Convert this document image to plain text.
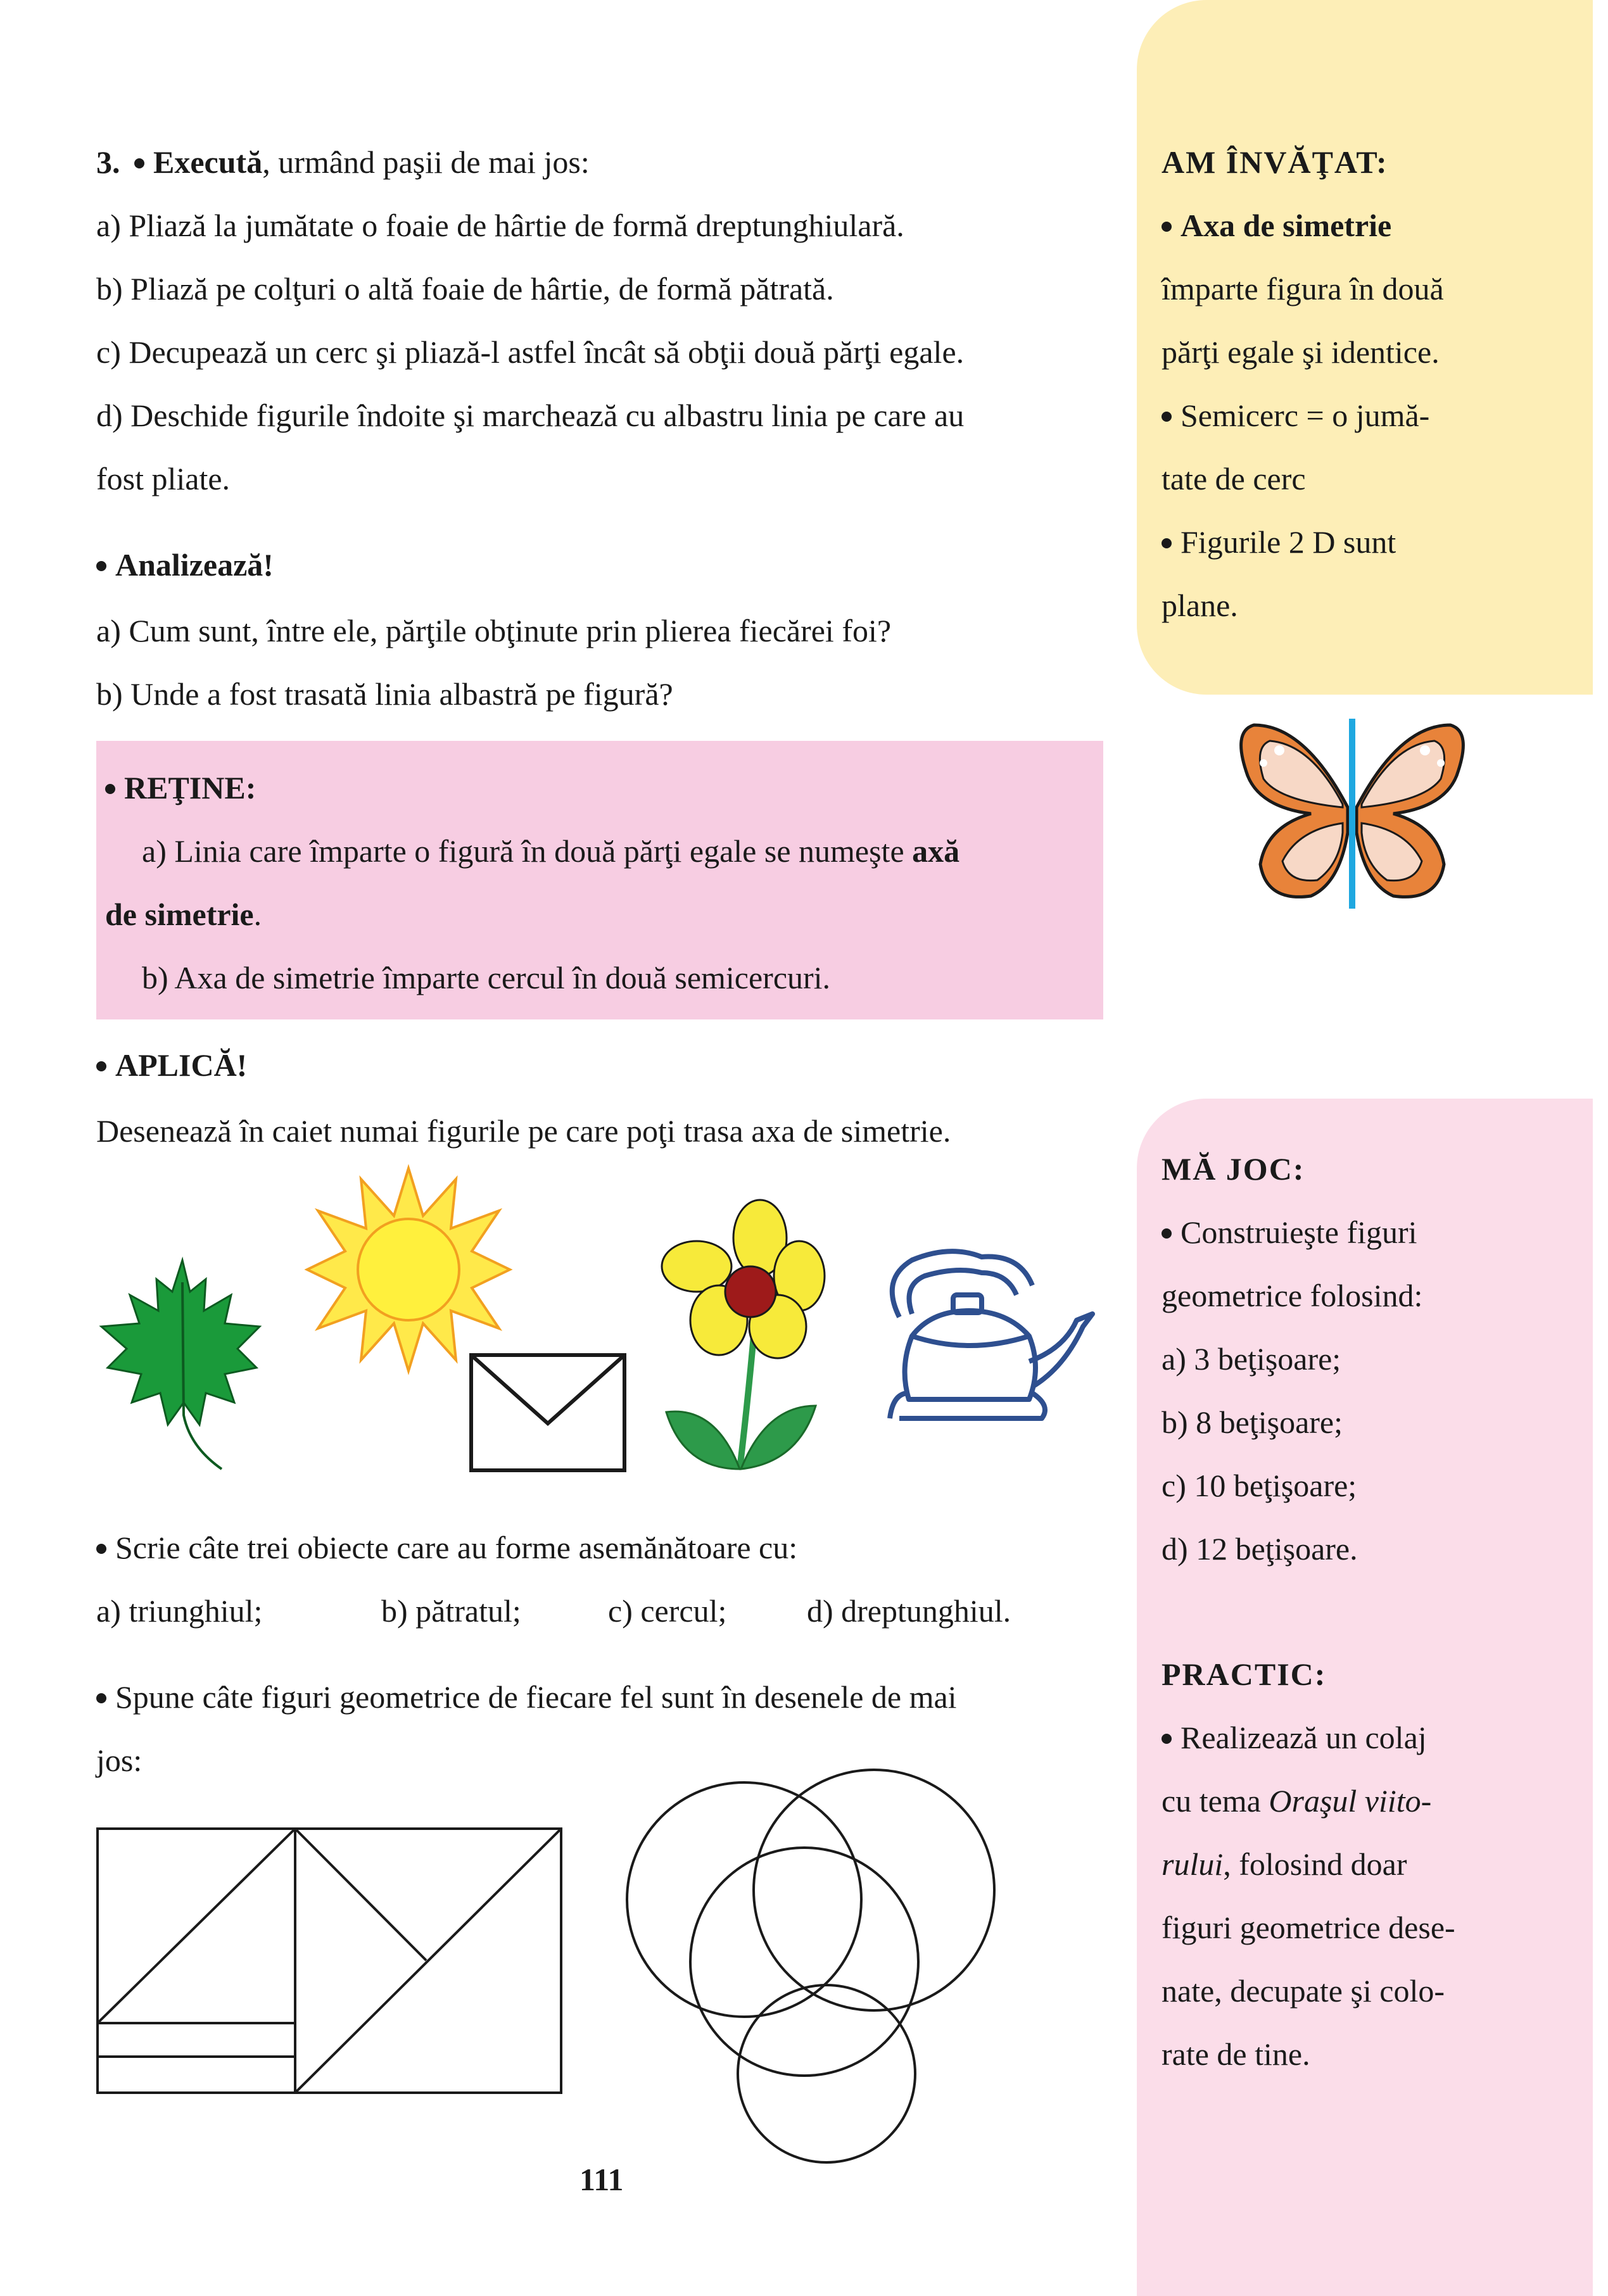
3. Execută, urmând paşii de mai jos:
a) Pliază la jumătate o foaie de hârtie de formă dreptunghiulară.
b) Pliază pe colţuri o altă foaie de hârtie, de formă pătrată.
c) Decupează un cerc şi pliază-l astfel încât să obţii două părţi egale.
d) Deschide figurile îndoite şi marchează cu albastru linia pe care au
fost pliate.
Analizează!
a) Cum sunt, între ele, părţile obţinute prin plierea fiecărei foi?
b) Unde a fost trasată linia albastră pe figură?
REŢINE:
a) Linia care împarte o figură în două părţi egale se numeşte axă
de simetrie.
b) Axa de simetrie împarte cercul în două semicercuri.
APLICĂ!
Desenează în caiet numai figurile pe care poţi trasa axa de simetrie.
Scrie câte trei obiecte care au forme asemănătoare cu:
a) triunghiul;	b) pătratul;	c) cercul;	d) dreptunghiul.
Spune câte figuri geometrice de fiecare fel sunt în desenele de mai
jos:
111
AM ÎNVĂŢAT:
Axa de simetrie
împarte figura în două
părţi egale şi identice.
Semicerc = o jumă-
tate de cerc
Figurile 2 D sunt
plane.
MĂ JOC:
Construieşte figuri
geometrice folosind:
a) 3 beţişoare;
b) 8 beţişoare;
c) 10 beţişoare;
d) 12 beţişoare.
PRACTIC:
Realizează un colaj
cu tema Oraşul viito-
rului, folosind doar
figuri geometrice dese-
nate, decupate şi colo-
rate de tine.
